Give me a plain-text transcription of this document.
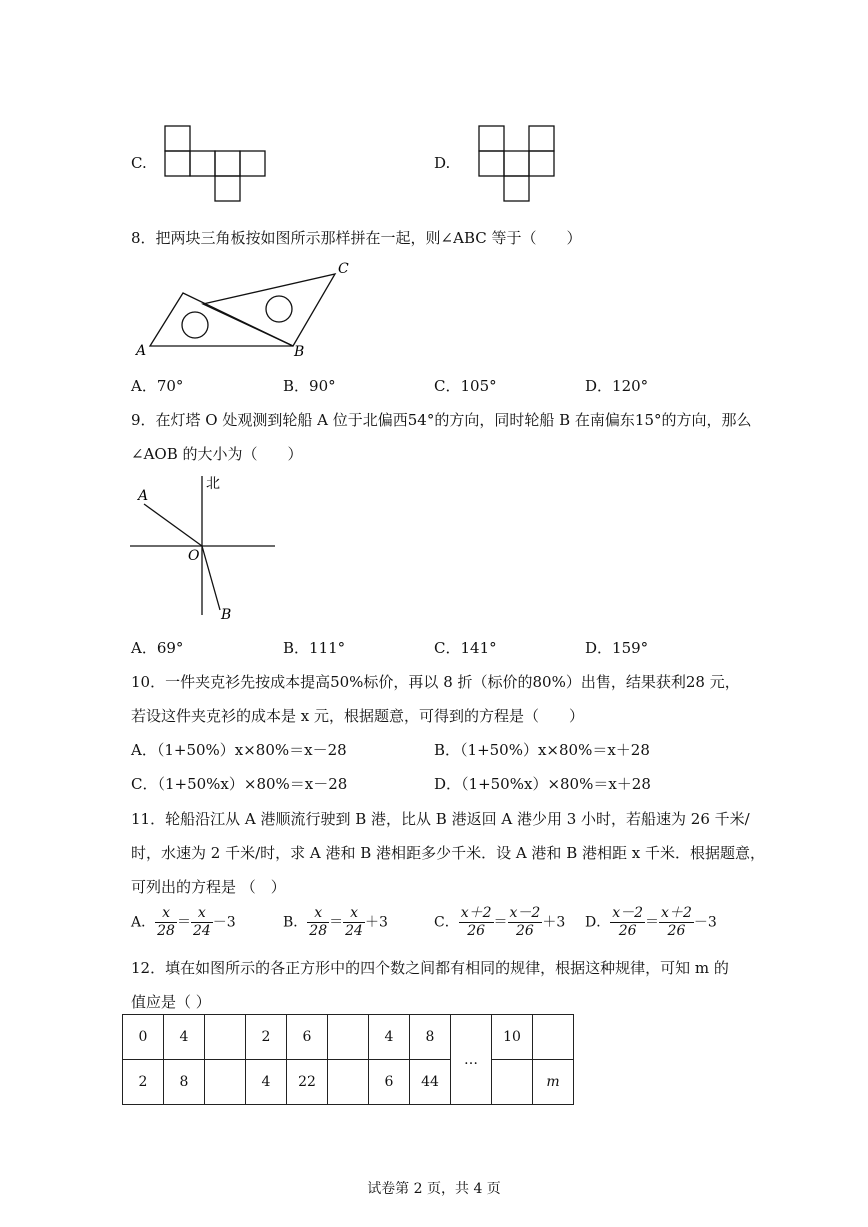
C.	D.
8．把两块三角板按如图所示那样拼在一起，则∠ABC 等于（　　）
A	B
C
A．70°	B．90°	C．105°	D．120°
9．在灯塔 O 处观测到轮船 A 位于北偏西54°的方向，同时轮船 B 在南偏东15°的方向，那么
∠AOB 的大小为（　　）
北
A
O
B
A．69°	B．111°	C．141°	D．159°
10．一件夹克衫先按成本提高50%标价，再以 8 折（标价的80%）出售，结果获利28 元，
若设这件夹克衫的成本是 x 元，根据题意，可得到的方程是（　　）
A．（1+50%）x×80%＝x－28	B．（1+50%）x×80%＝x＋28
C．（1+50%x）×80%＝x－28	D．（1+50%x）×80%＝x＋28
11．轮船沿江从 A 港顺流行驶到 B 港，比从 B 港返回 A 港少用 3 小时，若船速为 26 千米/
时，水速为 2 千米/时，求 A 港和 B 港相距多少千米．设 A 港和 B 港相距 x 千米．根据题意，
可列出的方程是 （　）
A． $\frac{x}{28} = \frac{x}{24} -3$	B． $\frac{x}{28} = \frac{x}{24} +3$	C． $\frac{x+2}{26} = \frac{x-2}{26} +3$ D． $\frac{x-2}{26} = \frac{x+2}{26} -3$
12．填在如图所示的各正方形中的四个数之间都有相同的规律，根据这种规律，可知 m 的
值应是（ ）
0	4		2	6		4	8	…	10	
2	8		4	22		6	44			m
试卷第 2 页，共 4 页
